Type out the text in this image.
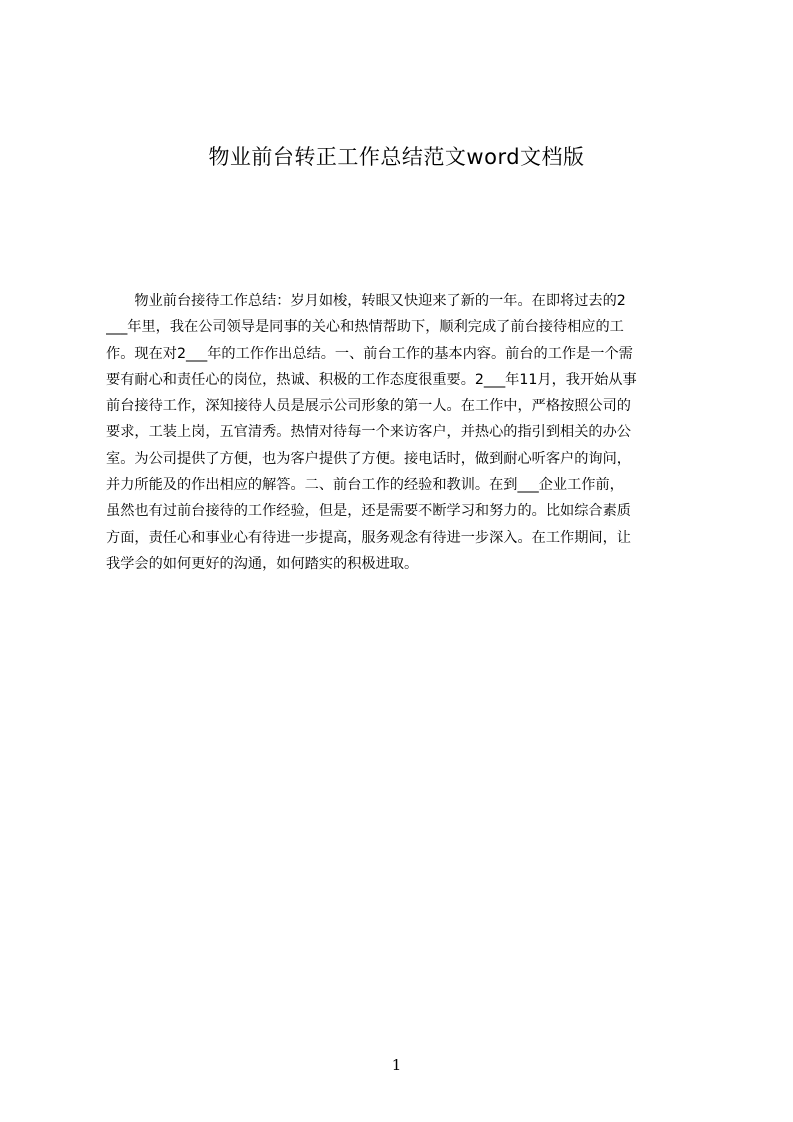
物业前台转正工作总结范文word文档版
　　物业前台接待工作总结：岁月如梭，转眼又快迎来了新的一年。在即将过去的2
___年里，我在公司领导是同事的关心和热情帮助下，顺利完成了前台接待相应的工
作。现在对2___年的工作作出总结。一、前台工作的基本内容。前台的工作是一个需
要有耐心和责任心的岗位，热诚、积极的工作态度很重要。2___年11月，我开始从事
前台接待工作，深知接待人员是展示公司形象的第一人。在工作中，严格按照公司的
要求，工装上岗，五官清秀。热情对待每一个来访客户，并热心的指引到相关的办公
室。为公司提供了方便，也为客户提供了方便。接电话时，做到耐心听客户的询问，
并力所能及的作出相应的解答。二、前台工作的经验和教训。在到___企业工作前，
虽然也有过前台接待的工作经验，但是，还是需要不断学习和努力的。比如综合素质
方面，责任心和事业心有待进一步提高，服务观念有待进一步深入。在工作期间，让
我学会的如何更好的沟通，如何踏实的积极进取。
1
